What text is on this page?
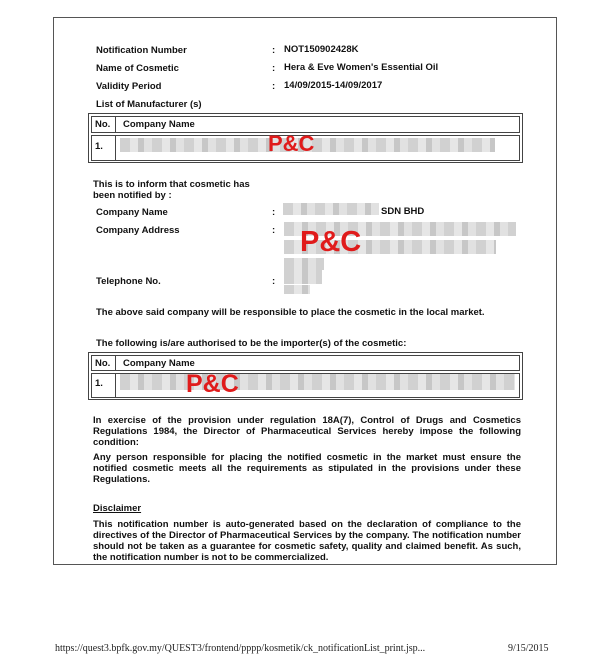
Notification Number	: NOT150902428K
Name of Cosmetic	: Hera & Eve Women's Essential Oil
Validity Period	: 14/09/2015-14/09/2017
List of Manufacturer (s)
No.	Company Name
1.	P&C
This is to inform that cosmetic has been notified by :
Company Name	:	SDN BHD
Company Address	: P&C
Telephone No.	:
The above said company will be responsible to place the cosmetic in the local market.
The following is/are authorised to be the importer(s) of the cosmetic:
No.	Company Name
1.	P&C
In exercise of the provision under regulation 18A(7), Control of Drugs and Cosmetics Regulations 1984, the Director of Pharmaceutical Services hereby impose the following condition:
Any person responsible for placing the notified cosmetic in the market must ensure the notified cosmetic meets all the requirements as stipulated in the provisions under these Regulations.
Disclaimer
This notification number is auto-generated based on the declaration of compliance to the directives of the Director of Pharmaceutical Services by the company. The notification number should not be taken as a guarantee for cosmetic safety, quality and claimed benefit. As such, the notification number is not to be commercialized.
https://quest3.bpfk.gov.my/QUEST3/frontend/pppp/kosmetik/ck_notificationList_print.jsp...	9/15/2015
